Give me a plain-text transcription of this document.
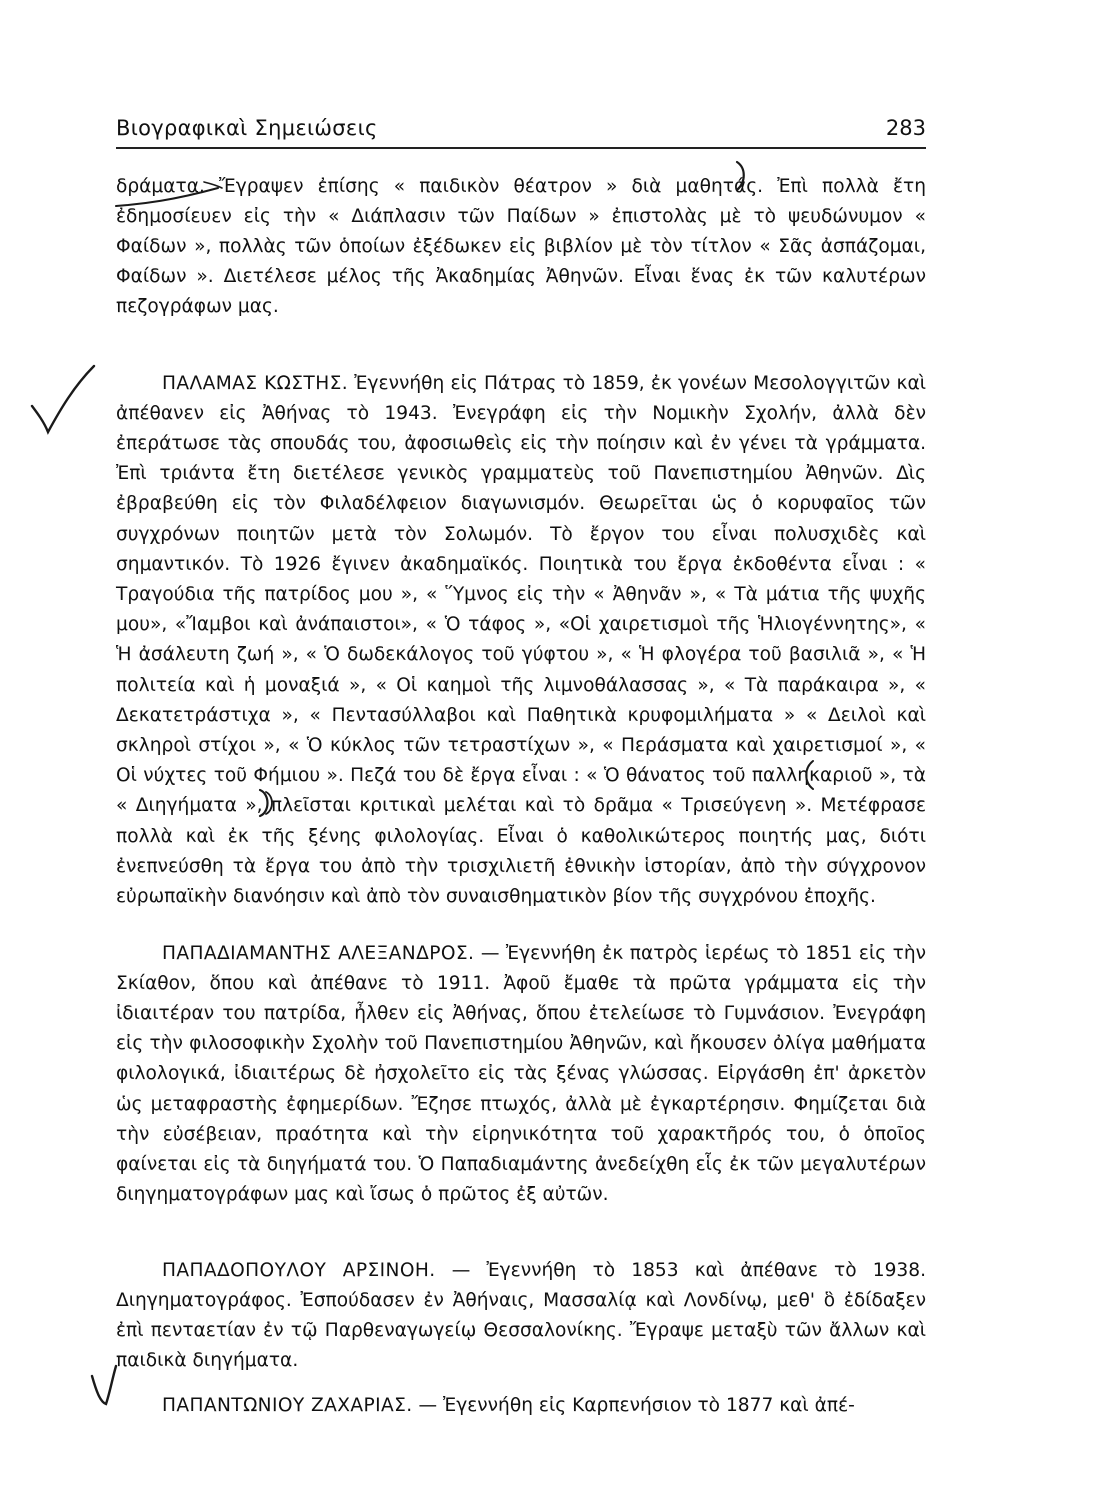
Βιογραφικαὶ Σημειώσεις	283

δράματα. Ἔγραψεν ἐπίσης « παιδικὸν θέατρον » διὰ μαθητάς. Ἐπὶ πολλὰ ἔτη ἐδημοσίευεν εἰς τὴν « Διάπλασιν τῶν Παίδων » ἐπιστολὰς μὲ τὸ ψευδώνυμον « Φαίδων », πολλὰς τῶν ὁποίων ἐξέδωκεν εἰς βιβλίον μὲ τὸν τίτλον « Σᾶς ἀσπάζομαι, Φαίδων ». Διετέλεσε μέλος τῆς Ἀκαδημίας Ἀθηνῶν. Εἶναι ἕνας ἐκ τῶν καλυτέρων πεζογράφων μας.

ΠΑΛΑΜΑΣ ΚΩΣΤΗΣ. Ἐγεννήθη εἰς Πάτρας τὸ 1859, ἐκ γονέων Μεσολογγιτῶν καὶ ἀπέθανεν εἰς Ἀθήνας τὸ 1943. Ἐνεγράφη εἰς τὴν Νομικὴν Σχολήν, ἀλλὰ δὲν ἐπεράτωσε τὰς σπουδάς του, ἀφοσιωθεὶς εἰς τὴν ποίησιν καὶ ἐν γένει τὰ γράμματα. Ἐπὶ τριάντα ἔτη διετέλεσε γενικὸς γραμματεὺς τοῦ Πανεπιστημίου Ἀθηνῶν. Δὶς ἐβραβεύθη εἰς τὸν Φιλαδέλφειον διαγωνισμόν. Θεωρεῖται ὡς ὁ κορυφαῖος τῶν συγχρόνων ποιητῶν μετὰ τὸν Σολωμόν. Τὸ ἔργον του εἶναι πολυσχιδὲς καὶ σημαντικόν. Τὸ 1926 ἔγινεν ἀκαδημαϊκός. Ποιητικὰ του ἔργα ἐκδοθέντα εἶναι : « Τραγούδια τῆς πατρίδος μου », « Ὕμνος εἰς τὴν « Ἀθηνᾶν », « Τὰ μάτια τῆς ψυχῆς μου», «Ἴαμβοι καὶ ἀνάπαιστοι», « Ὁ τάφος », «Οἱ χαιρετισμοὶ τῆς Ἡλιογέννητης», « Ἡ ἀσάλευτη ζωή », « Ὁ δωδεκάλογος τοῦ γύφτου », « Ἡ φλογέρα τοῦ βασιλιᾶ », « Ἡ πολιτεία καὶ ἡ μοναξιά », « Οἱ καημοὶ τῆς λιμνοθάλασσας », « Τὰ παράκαιρα », « Δεκατετράστιχα », « Πεντασύλλαβοι καὶ Παθητικὰ κρυφομιλήματα » « Δειλοὶ καὶ σκληροὶ στίχοι », « Ὁ κύκλος τῶν τετραστίχων », « Περάσματα καὶ χαιρετισμοί », « Οἱ νύχτες τοῦ Φήμιου ». Πεζά του δὲ ἔργα εἶναι : « Ὁ θάνατος τοῦ παλληκαριοῦ », τὰ « Διηγήματα », πλεῖσται κριτικαὶ μελέται καὶ τὸ δρᾶμα « Τρισεύγενη ». Μετέφρασε πολλὰ καὶ ἐκ τῆς ξένης φιλολογίας. Εἶναι ὁ καθολικώτερος ποιητής μας, διότι ἐνεπνεύσθη τὰ ἔργα του ἀπὸ τὴν τρισχιλιετῆ ἐθνικὴν ἱστορίαν, ἀπὸ τὴν σύγχρονον εὐρωπαϊκὴν διανόησιν καὶ ἀπὸ τὸν συναισθηματικὸν βίον τῆς συγχρόνου ἐποχῆς.

ΠΑΠΑΔΙΑΜΑΝΤΗΣ ΑΛΕΞΑΝΔΡΟΣ. — Ἐγεννήθη ἐκ πατρὸς ἱερέως τὸ 1851 εἰς τὴν Σκίαθον, ὅπου καὶ ἀπέθανε τὸ 1911. Ἀφοῦ ἔμαθε τὰ πρῶτα γράμματα εἰς τὴν ἰδιαιτέραν του πατρίδα, ἦλθεν εἰς Ἀθήνας, ὅπου ἐτελείωσε τὸ Γυμνάσιον. Ἐνεγράφη εἰς τὴν φιλοσοφικὴν Σχολὴν τοῦ Πανεπιστημίου Ἀθηνῶν, καὶ ἤκουσεν ὀλίγα μαθήματα φιλολογικά, ἰδιαιτέρως δὲ ἠσχολεῖτο εἰς τὰς ξένας γλώσσας. Εἰργάσθη ἐπ' ἀρκετὸν ὡς μεταφραστὴς ἐφημερίδων. Ἔζησε πτωχός, ἀλλὰ μὲ ἐγκαρτέρησιν. Φημίζεται διὰ τὴν εὐσέβειαν, πραότητα καὶ τὴν εἰρηνικότητα τοῦ χαρακτῆρός του, ὁ ὁποῖος φαίνεται εἰς τὰ διηγήματά του. Ὁ Παπαδιαμάντης ἀνεδείχθη εἷς ἐκ τῶν μεγαλυτέρων διηγηματογράφων μας καὶ ἴσως ὁ πρῶτος ἐξ αὐτῶν.

ΠΑΠΑΔΟΠΟΥΛΟΥ ΑΡΣΙΝΟΗ. — Ἐγεννήθη τὸ 1853 καὶ ἀπέθανε τὸ 1938. Διηγηματογράφος. Ἐσπούδασεν ἐν Ἀθήναις, Μασσαλίᾳ καὶ Λονδίνῳ, μεθ' ὃ ἐδίδαξεν ἐπὶ πενταετίαν ἐν τῷ Παρθεναγωγείῳ Θεσσαλονίκης. Ἔγραψε μεταξὺ τῶν ἄλλων καὶ παιδικὰ διηγήματα.

ΠΑΠΑΝΤΩΝΙΟΥ ΖΑΧΑΡΙΑΣ. — Ἐγεννήθη εἰς Καρπενήσιον τὸ 1877 καὶ ἀπέ-
